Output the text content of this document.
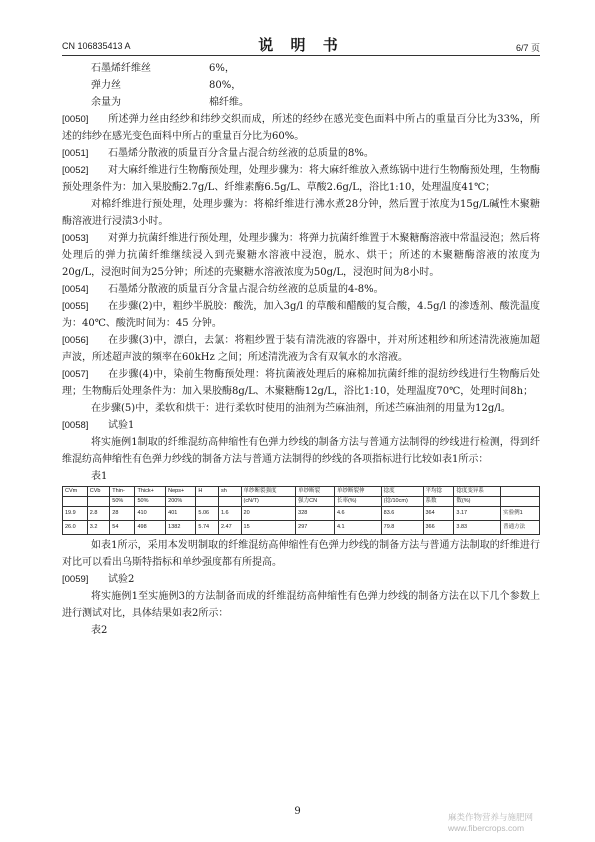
CN 106835413 A	说 明 书	6/7 页
石墨烯纤维丝	6%，
弹力丝	80%，
余量为	棉纤维。

[0050] 所述弹力丝由经纱和纬纱交织而成，所述的经纱在感光变色面料中所占的重量百分比为33%，所述的纬纱在感光变色面料中所占的重量百分比为60%。

[0051] 石墨烯分散液的质量百分含量占混合纺丝液的总质量的8%。

[0052] 对大麻纤维进行生物酶预处理，处理步骤为：将大麻纤维放入煮练锅中进行生物酶预处理，生物酶预处理条件为：加入果胶酶2.7g/L、纤维素酶6.5g/L、草酸2.6g/L，浴比1:10，处理温度41℃；

对棉纤维进行预处理，处理步骤为：将棉纤维进行沸水煮28分钟，然后置于浓度为15g/L碱性木聚糖酶溶液进行浸渍3小时。

[0053] 对弹力抗菌纤维进行预处理，处理步骤为：将弹力抗菌纤维置于木聚糖酶溶液中常温浸泡；然后将处理后的弹力抗菌纤维继续浸入到壳聚糖水溶液中浸泡，脱水、烘干；所述的木聚糖酶溶液的浓度为20g/L，浸泡时间为25分钟；所述的壳聚糖水溶液浓度为50g/L，浸泡时间为8小时。

[0054] 石墨烯分散液的质量百分含量占混合纺丝液的总质量的4-8%。

[0055] 在步骤(2)中，粗纱半脱胶：酸洗，加入3g/l 的草酸和醋酸的复合酸，4.5g/l 的渗透剂、酸洗温度为：40℃、酸洗时间为：45 分钟。

[0056] 在步骤(3)中，漂白，去氯：将粗纱置于装有清洗液的容器中，并对所述粗纱和所述清洗液施加超声波，所述超声波的频率在60kHz 之间；所述清洗液为含有双氧水的水溶液。

[0057] 在步骤(4)中，染前生物酶预处理：将抗菌液处理后的麻棉加抗菌纤维的混纺纱线进行生物酶后处理；生物酶后处理条件为：加入果胶酶8g/L、木聚糖酶12g/L，浴比1:10，处理温度70℃，处理时间8h；

在步骤(5)中，柔软和烘干：进行柔软时使用的油剂为苎麻油剂，所述苎麻油剂的用量为12g/l。

[0058] 试验1

将实施例1制取的纤维混纺高伸缩性有色弹力纱线的制备方法与普通方法制得的纱线进行检测，得到纤维混纺高伸缩性有色弹力纱线的制备方法与普通方法制得的纱线的各项指标进行比较如表1所示：

表1

CVm	CVb	Thin-	Thick+	Neps+	H	sh	单纱断裂强度	单纱断裂	单纱断裂伸	捻度	平均捻	捻度变异系	
		50%	50%	200%			(cN/T)	强力CN	长率(%)	(捻/10cm)	系数	数(%)	
19.9	2.8	28	410	401	5.06	1.6	20	328	4.6	83.6	364	3.17	实验例1
26.0	3.2	54	498	1382	5.74	2.47	15	297	4.1	79.8	366	3.83	普通方法

如表1所示，采用本发明制取的纤维混纺高伸缩性有色弹力纱线的制备方法与普通方法制取的纤维进行对比可以看出乌斯特指标和单纱强度都有所提高。

[0059] 试验2

将实施例1至实施例3的方法制备而成的纤维混纺高伸缩性有色弹力纱线的制备方法在以下几个参数上进行测试对比，具体结果如表2所示：

表2

9	麻类作物营养与施肥网
www.fibercrops.com
